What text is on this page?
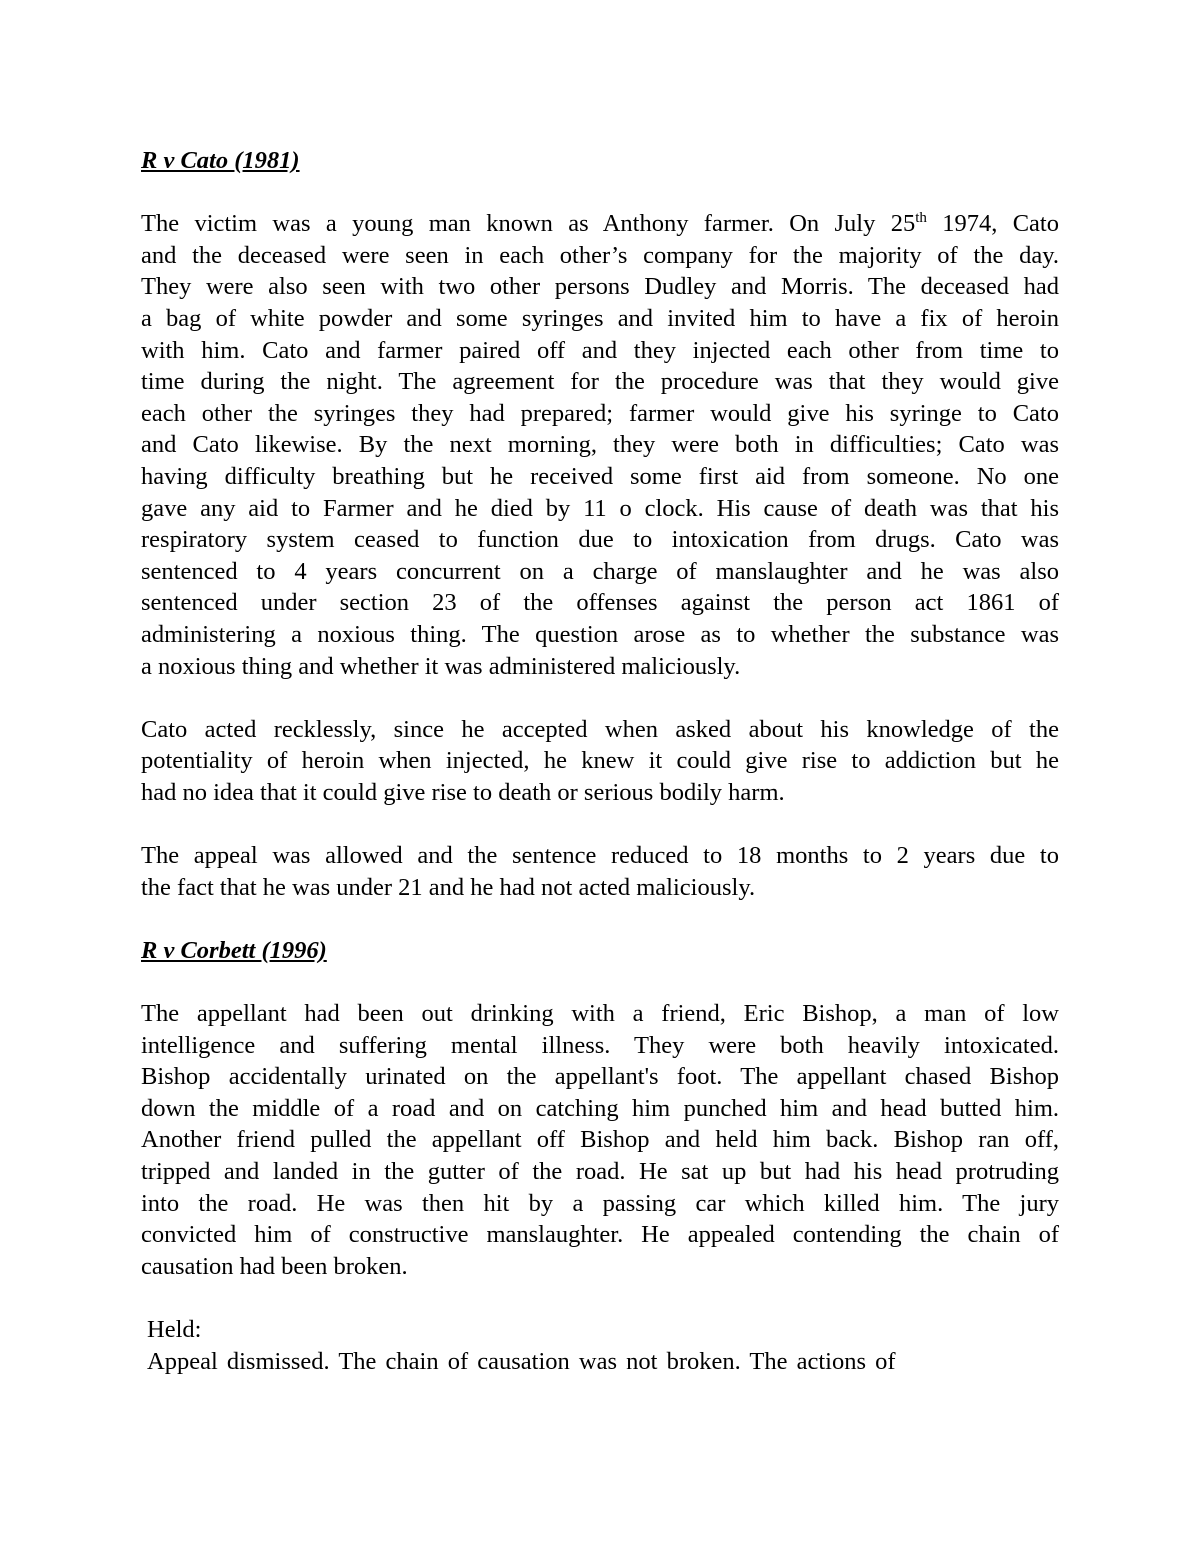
R v Cato (1981)

The victim was a young man known as Anthony farmer. On July 25th 1974, Cato
and the deceased were seen in each other’s company for the majority of the day.
They were also seen with two other persons Dudley and Morris. The deceased had
a bag of white powder and some syringes and invited him to have a fix of heroin
with him. Cato and farmer paired off and they injected each other from time to
time during the night. The agreement for the procedure was that they would give
each other the syringes they had prepared; farmer would give his syringe to Cato
and Cato likewise. By the next morning, they were both in difficulties; Cato was
having difficulty breathing but he received some first aid from someone. No one
gave any aid to Farmer and he died by 11 o clock. His cause of death was that his
respiratory system ceased to function due to intoxication from drugs. Cato was
sentenced to 4 years concurrent on a charge of manslaughter and he was also
sentenced under section 23 of the offenses against the person act 1861 of
administering a noxious thing. The question arose as to whether the substance was
a noxious thing and whether it was administered maliciously.
Cato acted recklessly, since he accepted when asked about his knowledge of the
potentiality of heroin when injected, he knew it could give rise to addiction but he
had no idea that it could give rise to death or serious bodily harm.
The appeal was allowed and the sentence reduced to 18 months to 2 years due to
the fact that he was under 21 and he had not acted maliciously.

R v Corbett (1996)

The appellant had been out drinking with a friend, Eric Bishop, a man of low
intelligence and suffering mental illness. They were both heavily intoxicated.
Bishop accidentally urinated on the appellant's foot. The appellant chased Bishop
down the middle of a road and on catching him punched him and head butted him.
Another friend pulled the appellant off Bishop and held him back. Bishop ran off,
tripped and landed in the gutter of the road. He sat up but had his head protruding
into the road. He was then hit by a passing car which killed him. The jury
convicted him of constructive manslaughter. He appealed contending the chain of
causation had been broken.
Held:
Appeal dismissed. The chain of causation was not broken. The actions of
